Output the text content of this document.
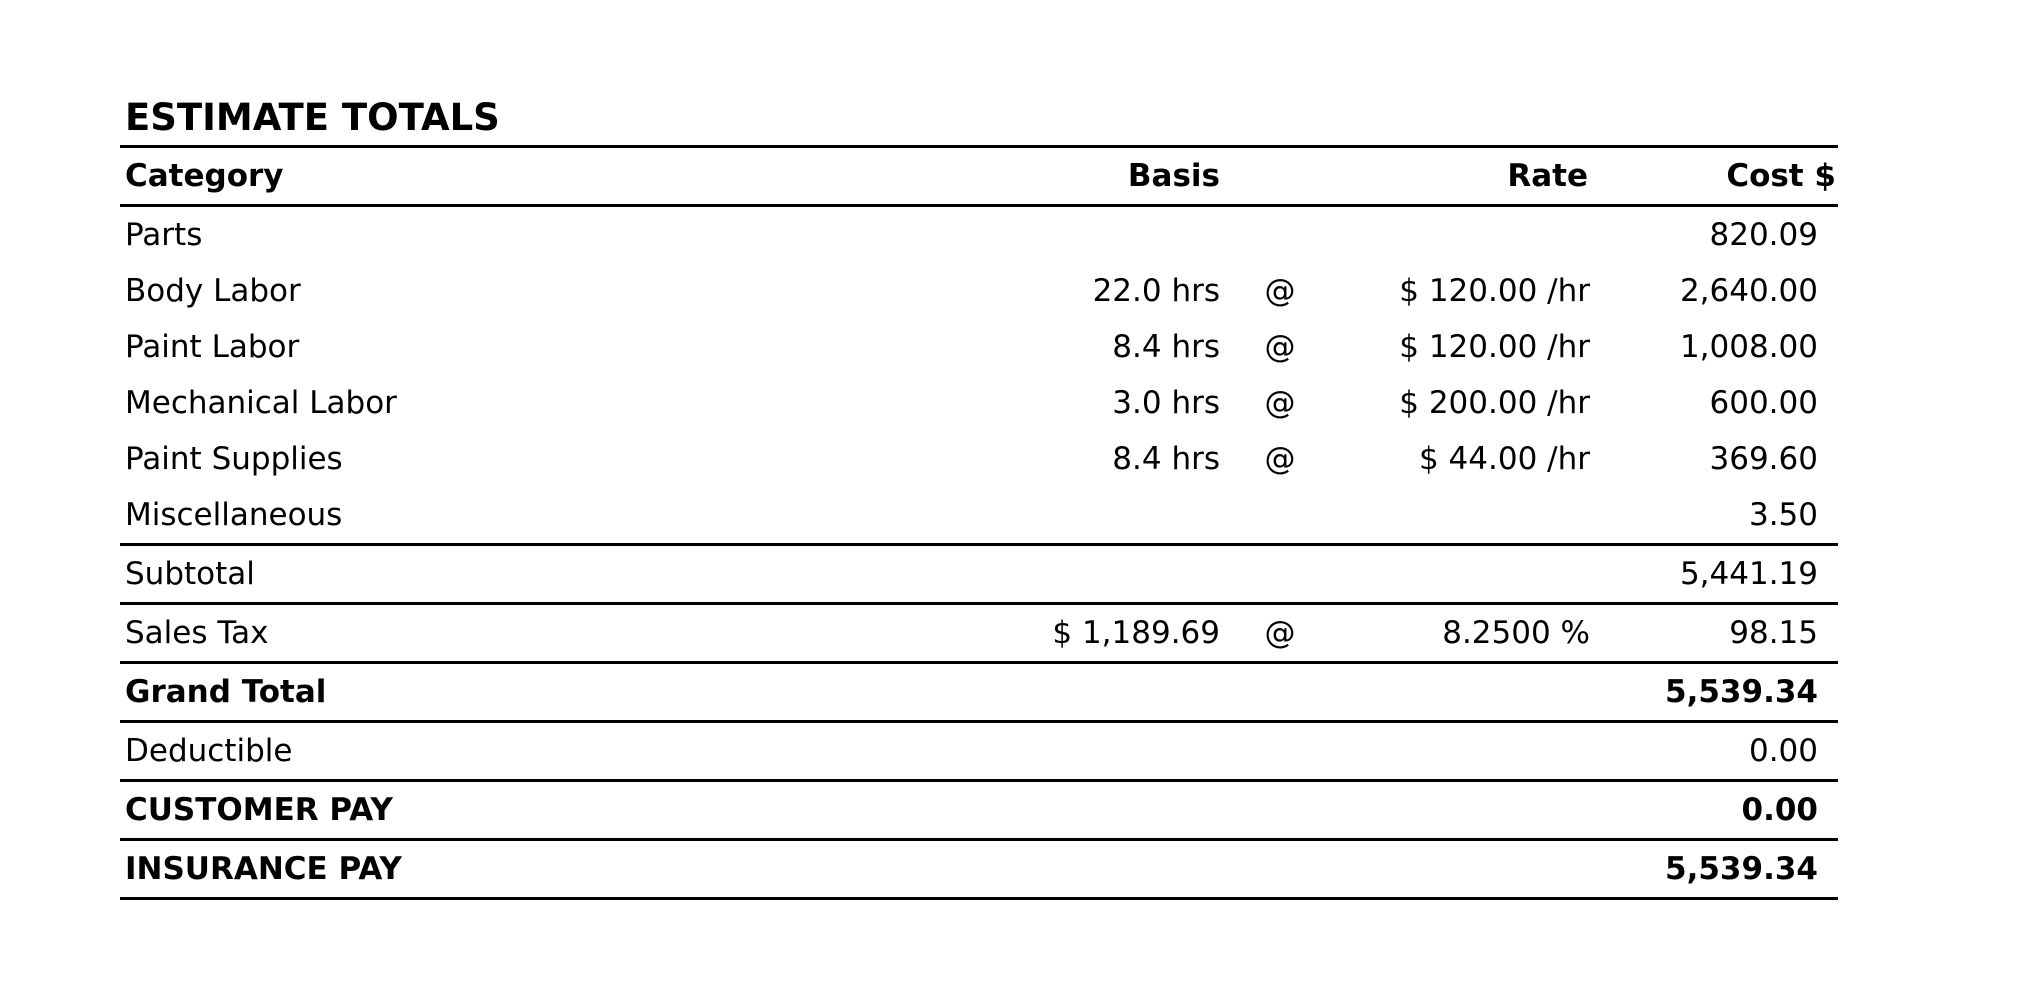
ESTIMATE TOTALS
Category	Basis		Rate	Cost $
Parts				820.09
Body Labor	22.0 hrs	@	$ 120.00 /hr	2,640.00
Paint Labor	8.4 hrs	@	$ 120.00 /hr	1,008.00
Mechanical Labor	3.0 hrs	@	$ 200.00 /hr	600.00
Paint Supplies	8.4 hrs	@	$ 44.00 /hr	369.60
Miscellaneous				3.50
Subtotal				5,441.19
Sales Tax	$ 1,189.69	@	8.2500 %	98.15
Grand Total				5,539.34
Deductible				0.00
CUSTOMER PAY				0.00
INSURANCE PAY				5,539.34
